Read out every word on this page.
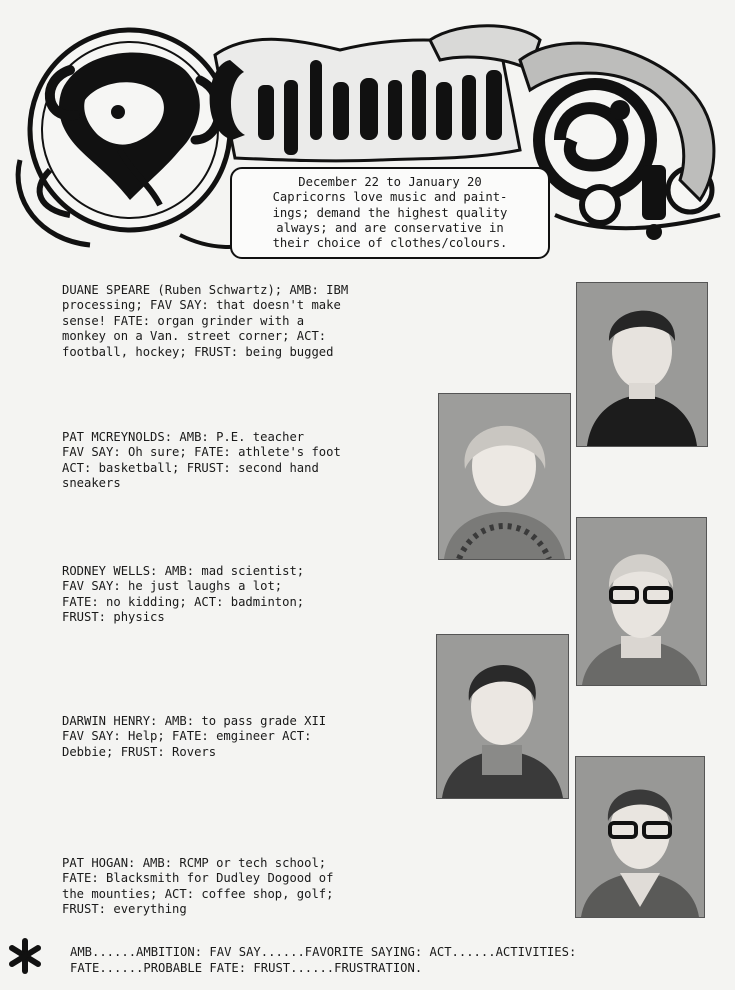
December 22 to January 20
Capricorns love music and paint-
ings; demand the highest quality
always; and are conservative in
their choice of clothes/colours.
DUANE SPEARE (Ruben Schwartz); AMB: IBM
processing; FAV SAY: that doesn't make
sense! FATE: organ grinder with a
monkey on a Van. street corner; ACT:
football, hockey; FRUST: being bugged
PAT MCREYNOLDS: AMB: P.E. teacher
FAV SAY: Oh sure; FATE: athlete's foot
ACT: basketball; FRUST: second hand
sneakers
RODNEY WELLS: AMB: mad scientist;
FAV SAY: he just laughs a lot;
FATE: no kidding; ACT: badminton;
FRUST: physics
DARWIN HENRY: AMB: to pass grade XII
FAV SAY: Help; FATE: emgineer ACT:
Debbie; FRUST: Rovers
PAT HOGAN: AMB: RCMP or tech school;
FATE: Blacksmith for Dudley Dogood of
the mounties; ACT: coffee shop, golf;
FRUST: everything
AMB......AMBITION: FAV SAY......FAVORITE SAYING: ACT......ACTIVITIES:
FATE......PROBABLE FATE: FRUST......FRUSTRATION.
